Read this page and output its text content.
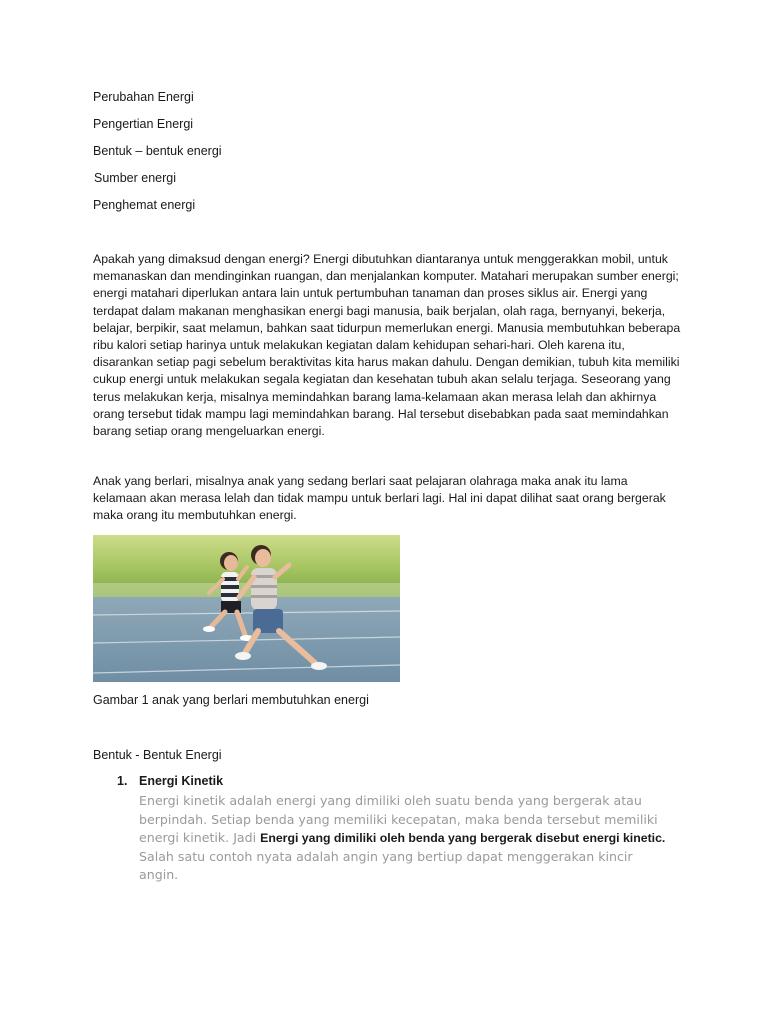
Perubahan Energi

Pengertian Energi

Bentuk – bentuk energi

Sumber energi

Penghemat energi

Apakah yang dimaksud dengan energi? Energi dibutuhkan diantaranya untuk menggerakkan mobil, untuk memanaskan dan mendinginkan ruangan, dan menjalankan komputer. Matahari merupakan sumber energi; energi matahari diperlukan antara lain untuk pertumbuhan tanaman dan proses siklus air. Energi yang terdapat dalam makanan menghasikan energi bagi manusia, baik berjalan, olah raga, bernyanyi, bekerja, belajar, berpikir, saat melamun, bahkan saat tidurpun memerlukan energi. Manusia membutuhkan beberapa ribu kalori setiap harinya untuk melakukan kegiatan dalam kehidupan sehari-hari. Oleh karena itu, disarankan setiap pagi sebelum beraktivitas kita harus makan dahulu. Dengan demikian, tubuh kita memiliki cukup energi untuk melakukan segala kegiatan dan kesehatan tubuh akan selalu terjaga. Seseorang yang terus melakukan kerja, misalnya memindahkan barang lama-kelamaan akan merasa lelah dan akhirnya orang tersebut tidak mampu lagi memindahkan barang. Hal tersebut disebabkan pada saat memindahkan barang setiap orang mengeluarkan energi.

Anak yang berlari, misalnya anak yang sedang berlari saat pelajaran olahraga maka anak itu lama kelamaan akan merasa lelah dan tidak mampu untuk berlari lagi. Hal ini dapat dilihat saat orang bergerak maka orang itu membutuhkan energi.

Gambar 1 anak yang berlari membutuhkan energi

Bentuk - Bentuk Energi

1. Energi Kinetik
Energi kinetik adalah energi yang dimiliki oleh suatu benda yang bergerak atau berpindah. Setiap benda yang memiliki kecepatan, maka benda tersebut memiliki energi kinetik. Jadi Energi yang dimiliki oleh benda yang bergerak disebut energi kinetic. Salah satu contoh nyata adalah angin yang bertiup dapat menggerakan kincir angin.
